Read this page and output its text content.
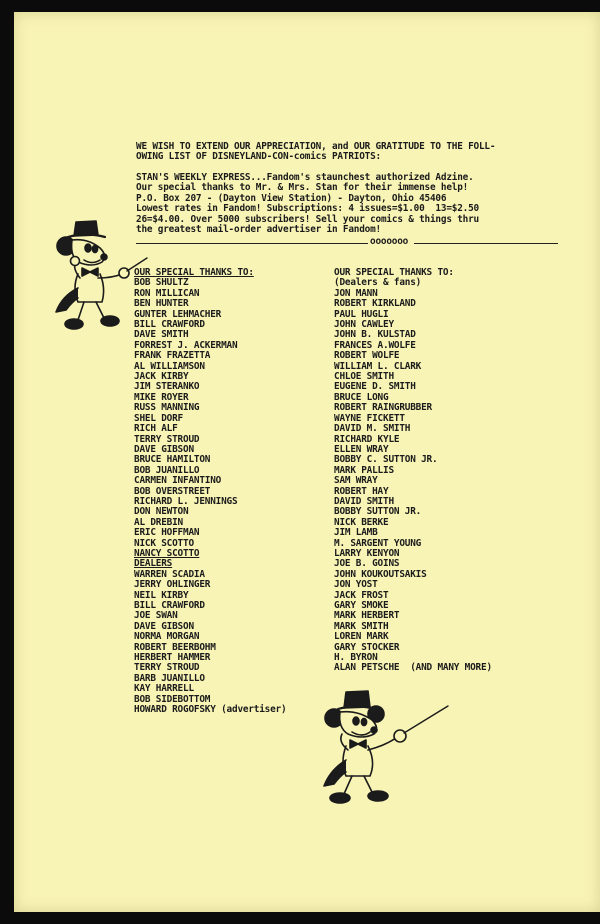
WE WISH TO EXTEND OUR APPRECIATION, and OUR GRATITUDE TO THE FOLL-
OWING LIST OF DISNEYLAND-CON-comics PATRIOTS:
STAN'S WEEKLY EXPRESS...Fandom's staunchest authorized Adzine.
Our special thanks to Mr. & Mrs. Stan for their immense help!
P.O. Box 207 - (Dayton View Station) - Dayton, Ohio 45406
Lowest rates in Fandom! Subscriptions: 4 issues=$1.00  13=$2.50
26=$4.00. Over 5000 subscribers! Sell your comics & things thru
the greatest mail-order advertiser in Fandom!
ooooooo
OUR SPECIAL THANKS TO:
BOB SHULTZ
RON MILLICAN
BEN HUNTER
GUNTER LEHMACHER
BILL CRAWFORD
DAVE SMITH
FORREST J. ACKERMAN
FRANK FRAZETTA
AL WILLIAMSON
JACK KIRBY
JIM STERANKO
MIKE ROYER
RUSS MANNING
SHEL DORF
RICH ALF
TERRY STROUD
DAVE GIBSON
BRUCE HAMILTON
BOB JUANILLO
CARMEN INFANTINO
BOB OVERSTREET
RICHARD L. JENNINGS
DON NEWTON
AL DREBIN
ERIC HOFFMAN
NICK SCOTTO
NANCY SCOTTO
DEALERS
WARREN SCADIA
JERRY OHLINGER
NEIL KIRBY
BILL CRAWFORD
JOE SWAN
DAVE GIBSON
NORMA MORGAN
ROBERT BEERBOHM
HERBERT HAMMER
TERRY STROUD
BARB JUANILLO
KAY HARRELL
BOB SIDEBOTTOM
HOWARD ROGOFSKY (advertiser)
OUR SPECIAL THANKS TO:
(Dealers & fans)
JON MANN
ROBERT KIRKLAND
PAUL HUGLI
JOHN CAWLEY
JOHN B. KULSTAD
FRANCES A.WOLFE
ROBERT WOLFE
WILLIAM L. CLARK
CHLOE SMITH
EUGENE D. SMITH
BRUCE LONG
ROBERT RAINGRUBBER
WAYNE FICKETT
DAVID M. SMITH
RICHARD KYLE
ELLEN WRAY
BOBBY C. SUTTON JR.
MARK PALLIS
SAM WRAY
ROBERT HAY
DAVID SMITH
BOBBY SUTTON JR.
NICK BERKE
JIM LAMB
M. SARGENT YOUNG
LARRY KENYON
JOE B. GOINS
JOHN KOUKOUTSAKIS
JON YOST
JACK FROST
GARY SMOKE
MARK HERBERT
MARK SMITH
LOREN MARK
GARY STOCKER
H. BYRON
ALAN PETSCHE  (AND MANY MORE)
